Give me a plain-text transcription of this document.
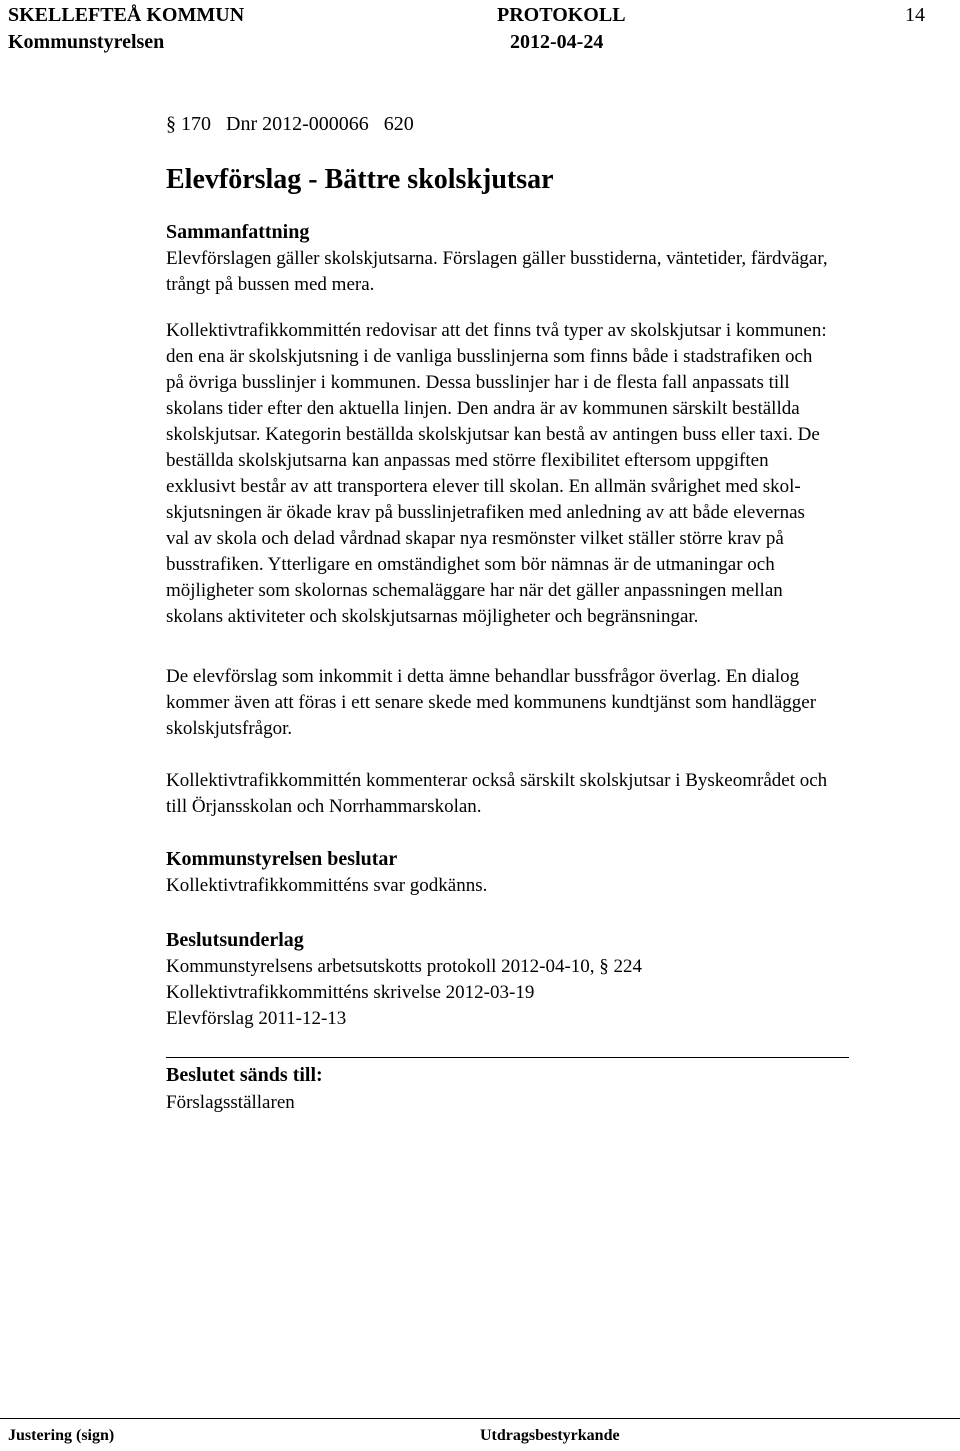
SKELLEFTEÅ KOMMUN	PROTOKOLL	14
Kommunstyrelsen	2012-04-24
§ 170   Dnr 2012-000066   620
Elevförslag - Bättre skolskjutsar
Sammanfattning
Elevförslagen gäller skolskjutsarna. Förslagen gäller busstiderna, väntetider, färdvägar,
trångt på bussen med mera.
Kollektivtrafikkommittén redovisar att det finns två typer av skolskjutsar i kommunen:
den ena är skolskjutsning i de vanliga busslinjerna som finns både i stadstrafiken och
på övriga busslinjer i kommunen. Dessa busslinjer har i de flesta fall anpassats till
skolans tider efter den aktuella linjen. Den andra är av kommunen särskilt beställda
skolskjutsar. Kategorin beställda skolskjutsar kan bestå av antingen buss eller taxi. De
beställda skolskjutsarna kan anpassas med större flexibilitet eftersom uppgiften
exklusivt består av att transportera elever till skolan. En allmän svårighet med skol-
skjutsningen är ökade krav på busslinjetrafiken med anledning av att både elevernas
val av skola och delad vårdnad skapar nya resmönster vilket ställer större krav på
busstrafiken. Ytterligare en omständighet som bör nämnas är de utmaningar och
möjligheter som skolornas schemaläggare har när det gäller anpassningen mellan
skolans aktiviteter och skolskjutsarnas möjligheter och begränsningar.
De elevförslag som inkommit i detta ämne behandlar bussfrågor överlag. En dialog
kommer även att föras i ett senare skede med kommunens kundtjänst som handlägger
skolskjutsfrågor.
Kollektivtrafikkommittén kommenterar också särskilt skolskjutsar i Byskeområdet och
till Örjansskolan och Norrhammarskolan.
Kommunstyrelsen beslutar
Kollektivtrafikkommitténs svar godkänns.
Beslutsunderlag
Kommunstyrelsens arbetsutskotts protokoll 2012-04-10, § 224
Kollektivtrafikkommitténs skrivelse 2012-03-19
Elevförslag 2011-12-13
Beslutet sänds till:
Förslagsställaren
Justering (sign)	Utdragsbestyrkande
